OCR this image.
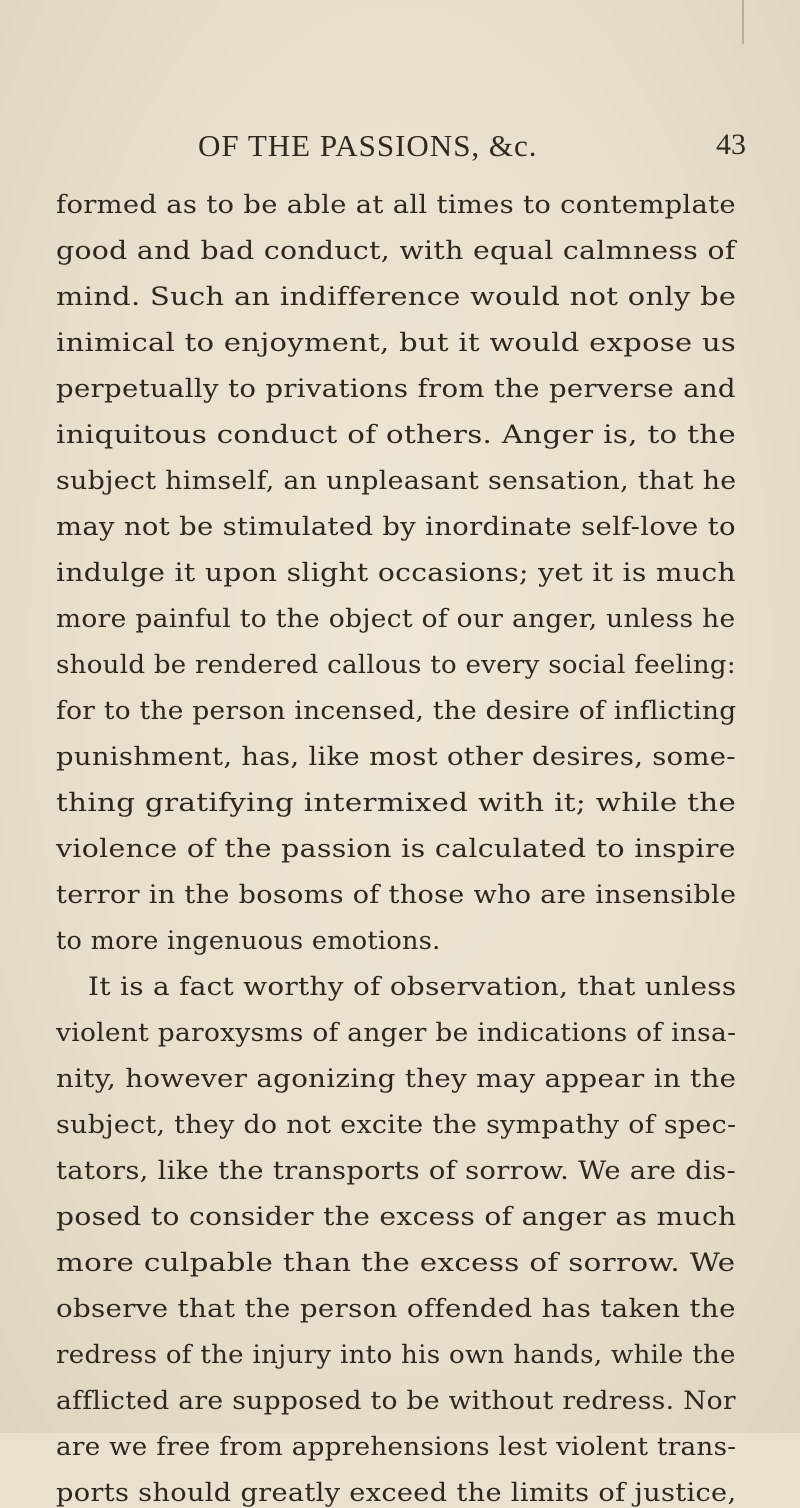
OF THE PASSIONS, &c.	43
formed as to be able at all times to contemplate
good and bad conduct, with equal calmness of
mind. Such an indifference would not only be
inimical to enjoyment, but it would expose us
perpetually to privations from the perverse and
iniquitous conduct of others. Anger is, to the
subject himself, an unpleasant sensation, that he
may not be stimulated by inordinate self-love to
indulge it upon slight occasions; yet it is much
more painful to the object of our anger, unless he
should be rendered callous to every social feeling:
for to the person incensed, the desire of inflicting
punishment, has, like most other desires, some-
thing gratifying intermixed with it; while the
violence of the passion is calculated to inspire
terror in the bosoms of those who are insensible
to more ingenuous emotions.
It is a fact worthy of observation, that unless
violent paroxysms of anger be indications of insa-
nity, however agonizing they may appear in the
subject, they do not excite the sympathy of spec-
tators, like the transports of sorrow. We are dis-
posed to consider the excess of anger as much
more culpable than the excess of sorrow. We
observe that the person offended has taken the
redress of the injury into his own hands, while the
afflicted are supposed to be without redress. Nor
are we free from apprehensions lest violent trans-
ports should greatly exceed the limits of justice,
